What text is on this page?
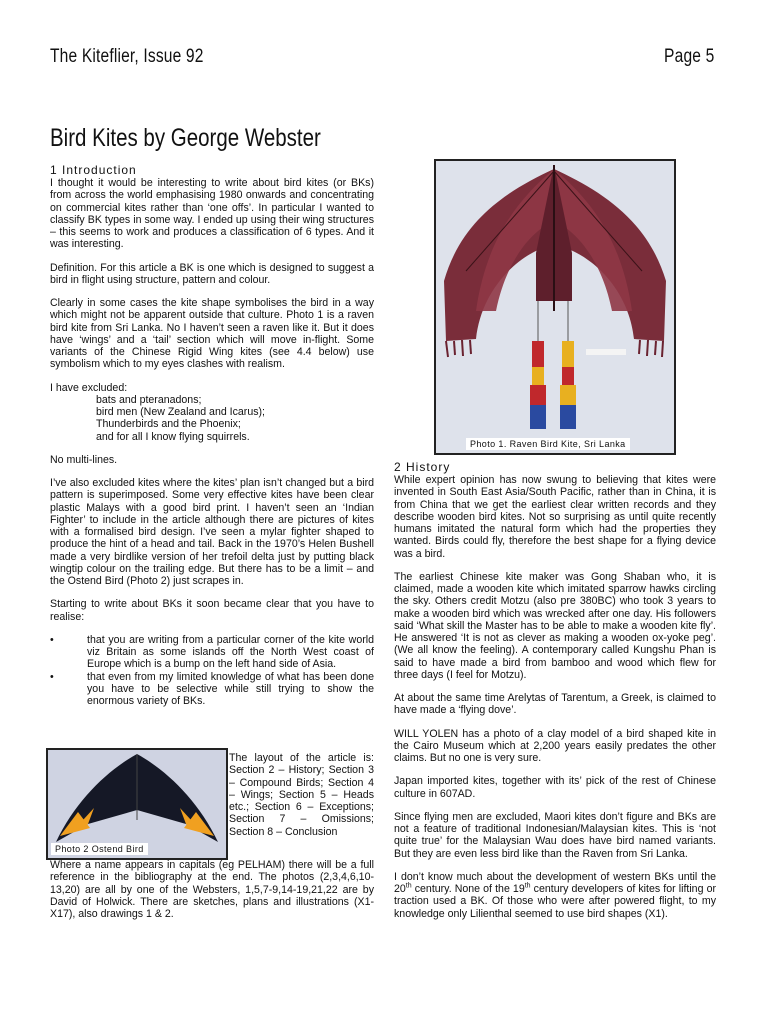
The Kiteflier, Issue 92	Page 5
Bird Kites by George Webster
1 Introduction

I thought it would be interesting to write about bird kites (or BKs) from across the world emphasising 1980 onwards and concentrating on commercial kites rather than ‘one offs’. In particular I wanted to classify BK types in some way. I ended up using their wing structures – this seems to work and produces a classification of 6 types. And it was interesting.

Definition. For this article a BK is one which is designed to suggest a bird in flight using structure, pattern and colour.

Clearly in some cases the kite shape symbolises the bird in a way which might not be apparent outside that culture. Photo 1 is a raven bird kite from Sri Lanka. No I haven’t seen a raven like it. But it does have ‘wings’ and a ‘tail’ section which will move in-flight. Some variants of the Chinese Rigid Wing kites (see 4.4 below) use symbolism which to my eyes clashes with realism.

I have excluded:

bats and pteranadons;
bird men (New Zealand and Icarus);
Thunderbirds and the Phoenix;
and for all I know flying squirrels.

No multi-lines.

I’ve also excluded kites where the kites’ plan isn’t changed but a bird pattern is superimposed. Some very effective kites have been clear plastic Malays with a good bird print. I haven’t seen an ‘Indian Fighter’ to include in the article although there are pictures of kites with a formalised bird design. I’ve seen a mylar fighter shaped to produce the hint of a head and tail. Back in the 1970’s Helen Bushell made a very birdlike version of her trefoil delta just by putting black wingtip colour on the trailing edge. But there has to be a limit – and the Ostend Bird (Photo 2) just scrapes in.

Starting to write about BKs it soon became clear that you have to realise:

•	that you are writing from a particular corner of the kite world viz Britain as some islands off the North West coast of Europe which is a bump on the left hand side of Asia.
•	that even from my limited knowledge of what has been done you have to be selective while still trying to show the enormous variety of BKs.
Photo 1. Raven Bird Kite, Sri Lanka
Photo 2 Ostend Bird
The layout of the article is: Section 2 – History; Section 3 – Compound Birds; Section 4 – Wings; Section 5 – Heads etc.; Section 6 – Exceptions; Section 7 – Omissions; Section 8 – Conclusion
Where a name appears in capitals (eg PELHAM) there will be a full reference in the bibliography at the end. The photos (2,3,4,6,10-13,20) are all by one of the Websters, 1,5,7-9,14-19,21,22 are by David of Holwick. There are sketches, plans and illustrations (X1-X17), also drawings 1 & 2.
2 History

While expert opinion has now swung to believing that kites were invented in South East Asia/South Pacific, rather than in China, it is from China that we get the earliest clear written records and they describe wooden bird kites. Not so surprising as until quite recently humans imitated the natural form which had the properties they wanted. Birds could fly, therefore the best shape for a flying device was a bird.

The earliest Chinese kite maker was Gong Shaban who, it is claimed, made a wooden kite which imitated sparrow hawks circling the sky. Others credit Motzu (also pre 380BC) who took 3 years to make a wooden bird which was wrecked after one day. His followers said ‘What skill the Master has to be able to make a wooden kite fly’. He answered ‘It is not as clever as making a wooden ox-yoke peg’. (We all know the feeling). A contemporary called Kungshu Phan is said to have made a bird from bamboo and wood which flew for three days (I feel for Motzu).

At about the same time Arelytas of Tarentum, a Greek, is claimed to have made a ‘flying dove’.

WILL YOLEN has a photo of a clay model of a bird shaped kite in the Cairo Museum which at 2,200 years easily predates the other claims. But no one is very sure.

Japan imported kites, together with its’ pick of the rest of Chinese culture in 607AD.

Since flying men are excluded, Maori kites don’t figure and BKs are not a feature of traditional Indonesian/Malaysian kites. This is ‘not quite true’ for the Malaysian Wau does have bird named variants. But they are even less bird like than the Raven from Sri Lanka.

I don’t know much about the development of western BKs until the 20th century. None of the 19th century developers of kites for lifting or traction used a BK. Of those who were after powered flight, to my knowledge only Lilienthal seemed to use bird shapes (X1).
